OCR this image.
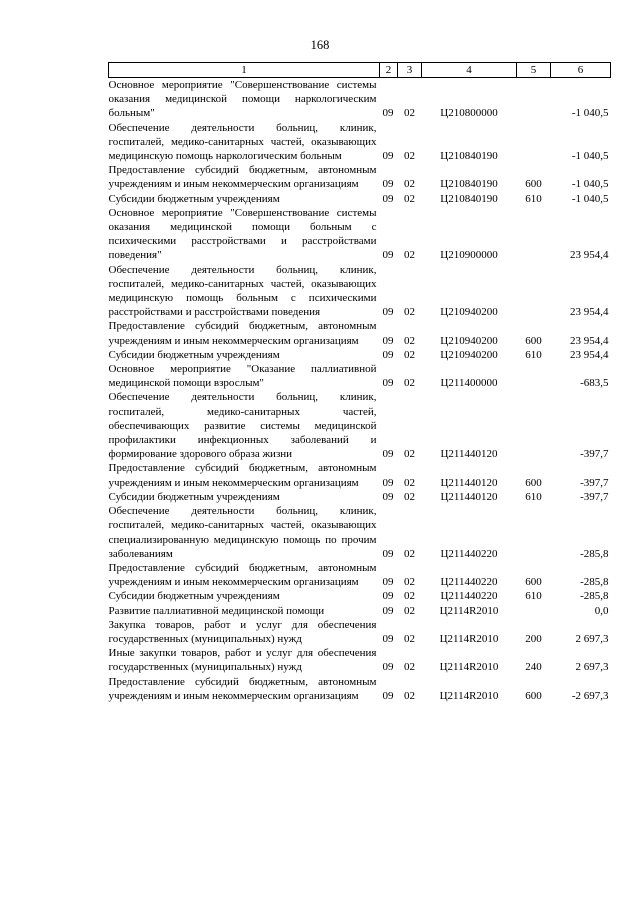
168
1	2	3	4	5	6
Основное мероприятие "Совершенствование системы оказания медицинской помощи наркологическим больным"	09	02	Ц210800000		-1 040,5
Обеспечение деятельности больниц, клиник, госпиталей, медико-санитарных частей, оказывающих медицинскую помощь наркологическим больным	09	02	Ц210840190		-1 040,5
Предоставление субсидий бюджетным, автономным учреждениям и иным некоммерческим организациям	09	02	Ц210840190	600	-1 040,5
Субсидии бюджетным учреждениям	09	02	Ц210840190	610	-1 040,5
Основное мероприятие "Совершенствование системы оказания медицинской помощи больным с психическими расстройствами и расстройствами поведения"	09	02	Ц210900000		23 954,4
Обеспечение деятельности больниц, клиник, госпиталей, медико-санитарных частей, оказывающих медицинскую помощь больным с психическими расстройствами и расстройствами поведения	09	02	Ц210940200		23 954,4
Предоставление субсидий бюджетным, автономным учреждениям и иным некоммерческим организациям	09	02	Ц210940200	600	23 954,4
Субсидии бюджетным учреждениям	09	02	Ц210940200	610	23 954,4
Основное мероприятие "Оказание паллиативной медицинской помощи взрослым"	09	02	Ц211400000		-683,5
Обеспечение деятельности больниц, клиник, госпиталей, медико-санитарных частей, обеспечивающих развитие системы медицинской профилактики инфекционных заболеваний и формирование здорового образа жизни	09	02	Ц211440120		-397,7
Предоставление субсидий бюджетным, автономным учреждениям и иным некоммерческим организациям	09	02	Ц211440120	600	-397,7
Субсидии бюджетным учреждениям	09	02	Ц211440120	610	-397,7
Обеспечение деятельности больниц, клиник, госпиталей, медико-санитарных частей, оказывающих специализированную медицинскую помощь по прочим заболеваниям	09	02	Ц211440220		-285,8
Предоставление субсидий бюджетным, автономным учреждениям и иным некоммерческим организациям	09	02	Ц211440220	600	-285,8
Субсидии бюджетным учреждениям	09	02	Ц211440220	610	-285,8
Развитие паллиативной медицинской помощи	09	02	Ц2114R2010		0,0
Закупка товаров, работ и услуг для обеспечения государственных (муниципальных) нужд	09	02	Ц2114R2010	200	2 697,3
Иные закупки товаров, работ и услуг для обеспечения государственных (муниципальных) нужд	09	02	Ц2114R2010	240	2 697,3
Предоставление субсидий бюджетным, автономным учреждениям и иным некоммерческим организациям	09	02	Ц2114R2010	600	-2 697,3
